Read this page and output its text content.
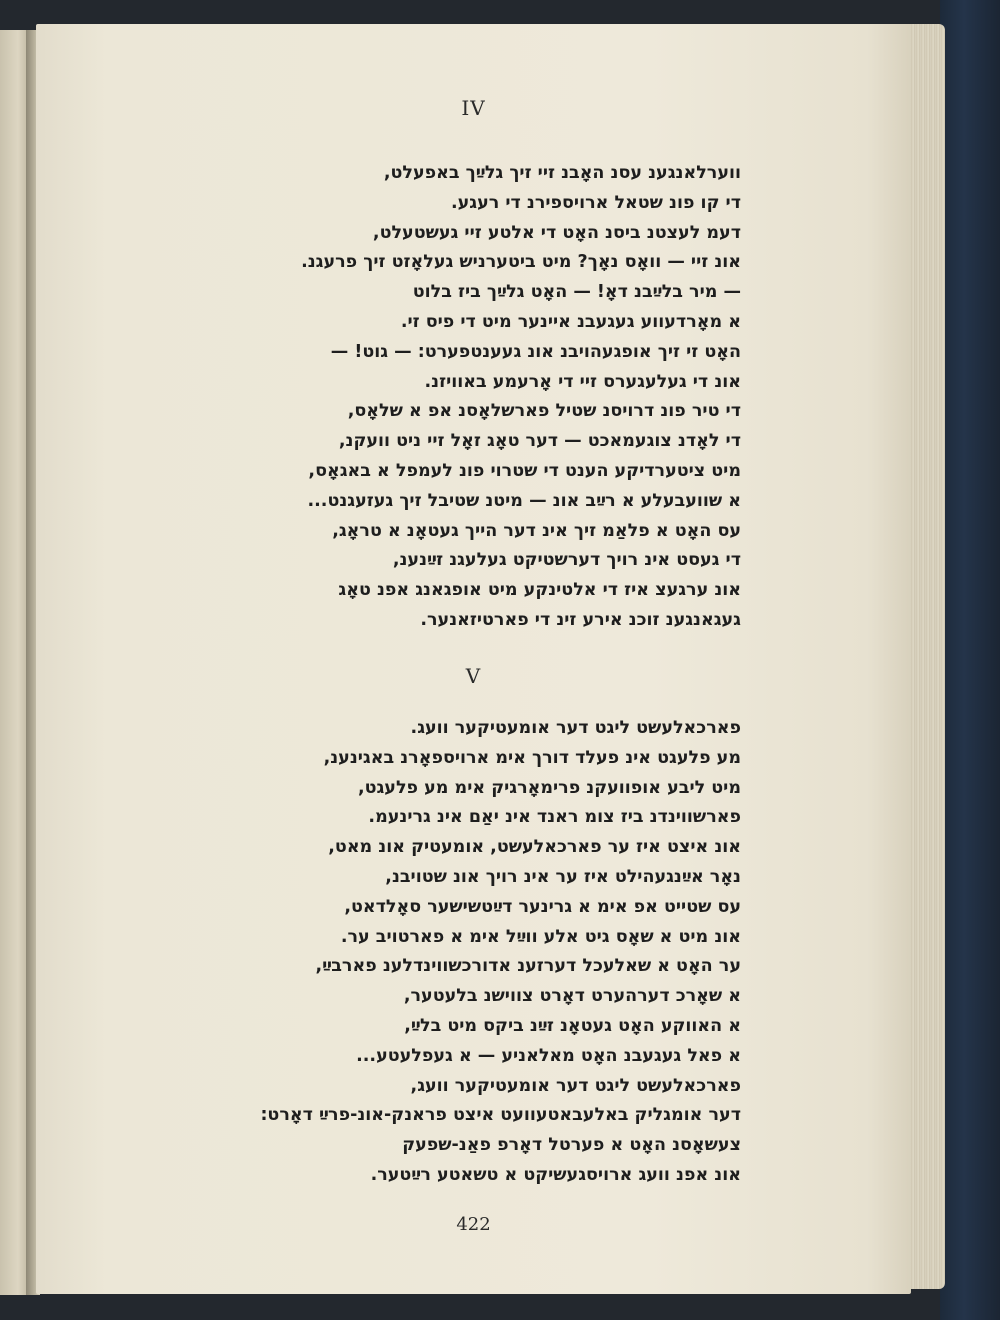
IV
ווערלאנגענ עסנ האָבנ זיי זיך גלײַך באפעלט,
די קו פונ שטאל ארויספירנ די רעגע.
דעמ לעצטנ ביסנ האָט די אלטע זיי געשטעלט,
אונ זיי — וואָס נאָך? מיט ביטערניש געלאָזט זיך פרעגנ.
— מיר בלײַבנ דאָ! — האָט גלײַך ביז בלוט
א מאָרדעווע געגעבנ איינער מיט די פיס זי.
האָט זי זיך אופגעהויבנ אונ געענטפערט: — גוט! —
אונ די געלעגערס זיי די אָרעמע באוויזנ.
די טיר פונ דרויסנ שטיל פארשלאָסנ אפ א שלאָס,
די לאָדנ צוגעמאכט — דער טאָג זאָל זיי ניט וועקנ,
מיט ציטערדיקע הענט די שטרוי פונ לעמפל א באגאָס,
א שוועבעלע א רײַב אונ — מיטנ שטיבל זיך געזעגנט...
עס האָט א פלאַמ זיך אינ דער הייך געטאָנ א טראָג,
די געסט אינ רויך דערשטיקט געלעגנ זײַנענ,
אונ ערגעצ איז די אלטינקע מיט אופגאנג אפנ טאָג
געגאנגענ זוכנ אירע זינ די פארטיזאנער.
V
פארכאלעשט ליגט דער אומעטיקער וועג.
מע פלעגט אינ פעלד דורך אימ ארויספאָרנ באגינענ,
מיט ליבע אופוועקנ פרימאָרגיק אימ מע פלעגט,
פארשווינדנ ביז צומ ראנד אינ יאַם אינ גרינעמ.
אונ איצט איז ער פארכאלעשט, אומעטיק אונ מאט,
נאָר אײַנגעהילט איז ער אינ רויך אונ שטויבנ,
עס שטייט אפ אימ א גרינער דײַטשישער סאָלדאט,
אונ מיט א שאָס גיט אלע ווײַל אימ א פארטויב ער.
ער האָט א שאלעכל דערזענ אדורכשווינדלענ פארבײַ,
א שאָרכ דערהערט דאָרט צווישנ בלעטער,
א האווקע האָט געטאָנ זײַנ ביקס מיט בלײַ,
א פאל געגעבנ האָט מאלאניע — א געפלעטע...
פארכאלעשט ליגט דער אומעטיקער וועג,
דער אומגליק באלעבאטעוועט איצט פראנק-אונ-פרײַ דאָרט:
צעשאָסנ האָט א פערטל דאָרפ פאַנ-שפעק
אונ אפנ וועג ארויסגעשיקט א טשאטע רײַטער.
422
